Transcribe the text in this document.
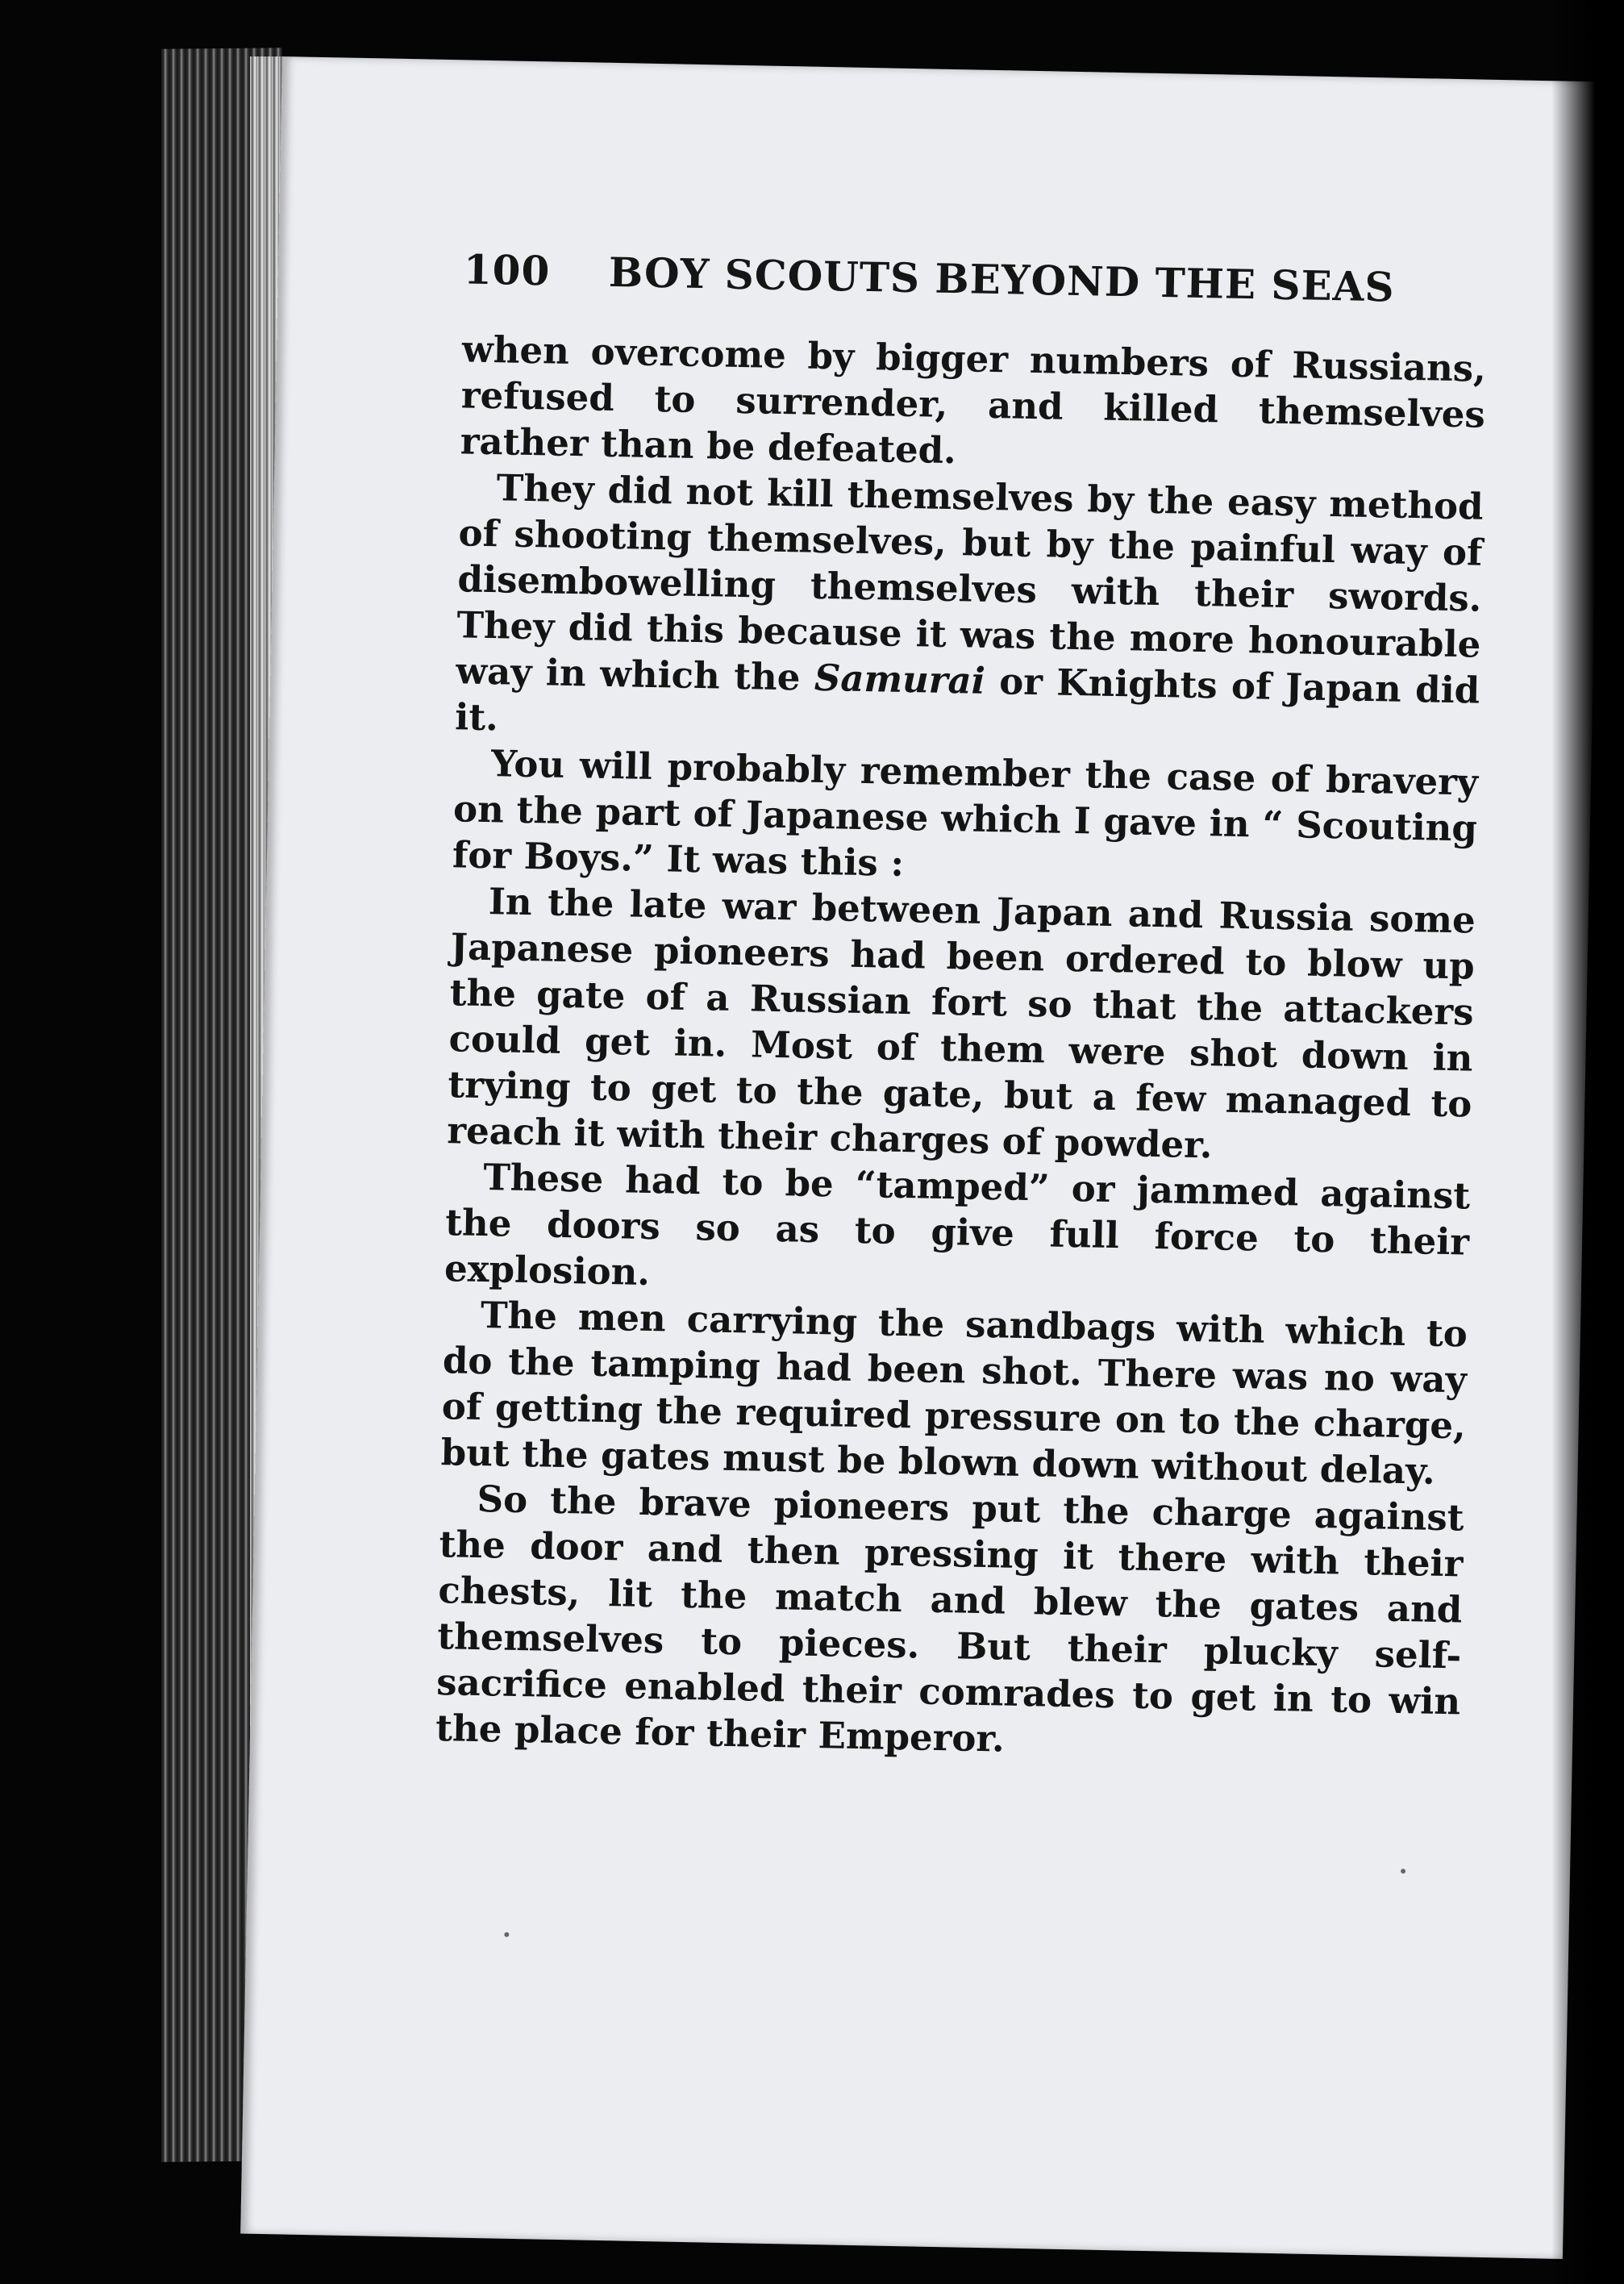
100 BOY SCOUTS BEYOND THE SEAS

when overcome by bigger numbers of Russians, refused to surrender, and killed themselves rather than be defeated.

They did not kill themselves by the easy method of shooting themselves, but by the painful way of disembowelling themselves with their swords. They did this because it was the more honourable way in which the Samurai or Knights of Japan did it.

You will probably remember the case of bravery on the part of Japanese which I gave in “ Scouting for Boys.” It was this :

In the late war between Japan and Russia some Japanese pioneers had been ordered to blow up the gate of a Russian fort so that the attackers could get in. Most of them were shot down in trying to get to the gate, but a few managed to reach it with their charges of powder.

These had to be “tamped” or jammed against the doors so as to give full force to their explosion.

The men carrying the sandbags with which to do the tamping had been shot. There was no way of getting the required pressure on to the charge, but the gates must be blown down without delay.

So the brave pioneers put the charge against the door and then pressing it there with their chests, lit the match and blew the gates and themselves to pieces. But their plucky self-sacrifice enabled their comrades to get in to win the place for their Emperor.
